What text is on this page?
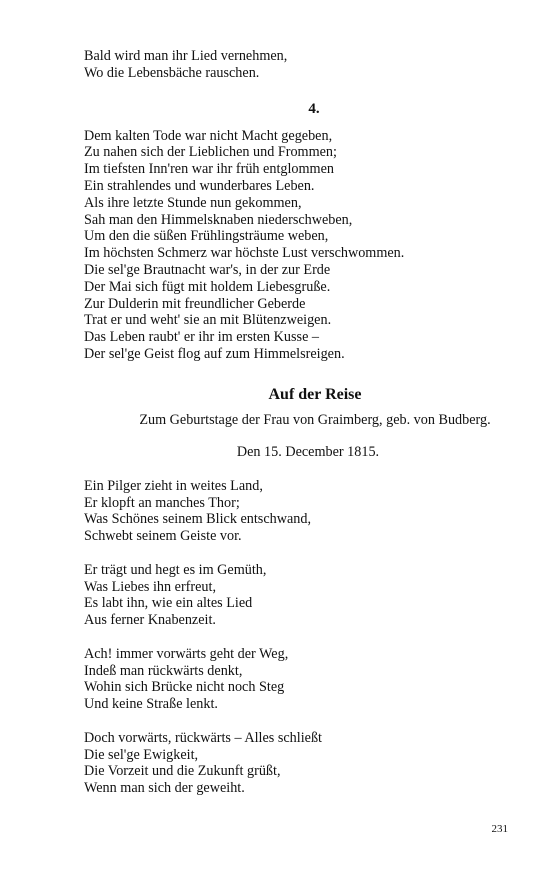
Bald wird man ihr Lied vernehmen,

Wo die Lebensbäche rauschen.

4.

Dem kalten Tode war nicht Macht gegeben,

Zu nahen sich der Lieblichen und Frommen;

Im tiefsten Inn'ren war ihr früh entglommen

Ein strahlendes und wunderbares Leben.

Als ihre letzte Stunde nun gekommen,

Sah man den Himmelsknaben niederschweben,

Um den die süßen Frühlingsträume weben,

Im höchsten Schmerz war höchste Lust verschwommen.

Die sel'ge Brautnacht war's, in der zur Erde

Der Mai sich fügt mit holdem Liebesgruße.

Zur Dulderin mit freundlicher Geberde

Trat er und weht' sie an mit Blütenzweigen.

Das Leben raubt' er ihr im ersten Kusse –

Der sel'ge Geist flog auf zum Himmelsreigen.

Auf der Reise
Zum Geburtstage der Frau von Graimberg, geb. von Budberg.
Den 15. December 1815.

Ein Pilger zieht in weites Land,

Er klopft an manches Thor;

Was Schönes seinem Blick entschwand,

Schwebt seinem Geiste vor.

Er trägt und hegt es im Gemüth,

Was Liebes ihn erfreut,

Es labt ihn, wie ein altes Lied

Aus ferner Knabenzeit.

Ach! immer vorwärts geht der Weg,

Indeß man rückwärts denkt,

Wohin sich Brücke nicht noch Steg

Und keine Straße lenkt.

Doch vorwärts, rückwärts – Alles schließt

Die sel'ge Ewigkeit,

Die Vorzeit und die Zukunft grüßt,

Wenn man sich der geweiht.

231
